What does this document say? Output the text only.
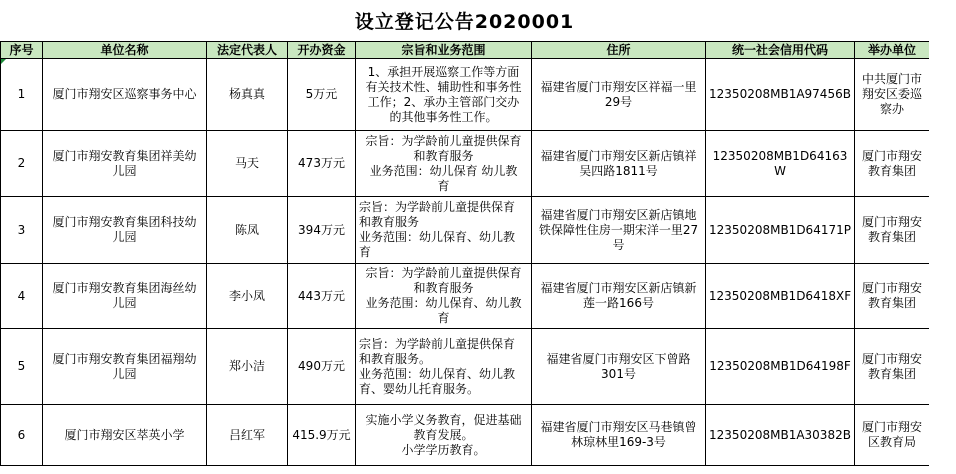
设立登记公告2020001
序号	单位名称	法定代表人	开办资金	宗旨和业务范围	住所	统一社会信用代码	举办单位
1	厦门市翔安区巡察事务中心	杨真真	5万元	1、承担开展巡察工作等方面
有关技术性、辅助性和事务性
工作；2、承办主管部门交办
的其他事务性工作。	福建省厦门市翔安区祥福一里
29号	12350208MB1A97456B	中共厦门市
翔安区委巡
察办
2	厦门市翔安教育集团祥美幼
儿园	马天	473万元	宗旨：为学龄前儿童提供保育
和教育服务
业务范围：幼儿保育 幼儿教
育	福建省厦门市翔安区新店镇祥
吴四路1811号	12350208MB1D64163W	厦门市翔安
教育集团
3	厦门市翔安教育集团科技幼
儿园	陈凤	394万元	宗旨：为学龄前儿童提供保育
和教育服务
业务范围：幼儿保育、幼儿教
育	福建省厦门市翔安区新店镇地
铁保障性住房一期宋洋一里27
号	12350208MB1D64171P	厦门市翔安
教育集团
4	厦门市翔安教育集团海丝幼
儿园	李小凤	443万元	宗旨：为学龄前儿童提供保育
和教育服务
业务范围：幼儿保育、幼儿教
育	福建省厦门市翔安区新店镇新
莲一路166号	12350208MB1D6418XF	厦门市翔安
教育集团
5	厦门市翔安教育集团福翔幼
儿园	郑小洁	490万元	宗旨：为学龄前儿童提供保育
和教育服务。
业务范围：幼儿保育、幼儿教
育、婴幼儿托育服务。	福建省厦门市翔安区下曾路
301号	12350208MB1D64198F	厦门市翔安
教育集团
6	厦门市翔安区萃英小学	吕红军	415.9万元	实施小学义务教育，促进基础
教育发展。
小学学历教育。	福建省厦门市翔安区马巷镇曾
林琼林里169-3号	12350208MB1A30382B	厦门市翔安
区教育局
